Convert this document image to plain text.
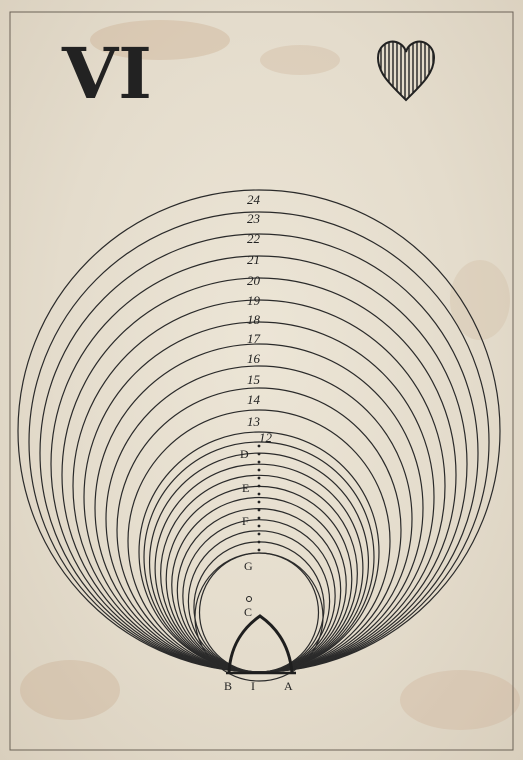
VI
24
23
22
21
20
19
18
17
16
15
14
13
12
D
E
F
G
C
B I A
